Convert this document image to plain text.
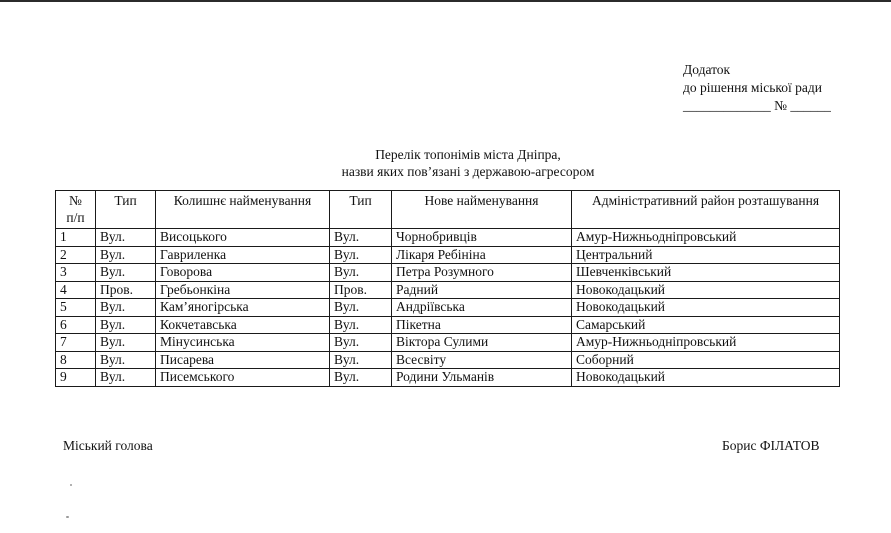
Додаток
до рішення міської ради
_____________ № ______
Перелік топонімів міста Дніпра,
назви яких пов’язані з державою-агресором
№
п/п	Тип	Колишнє найменування	Тип	Нове найменування	Адміністративний район розташування
1	Вул.	Висоцького	Вул.	Чорнобривців	Амур-Нижньодніпровський
2	Вул.	Гавриленка	Вул.	Лікаря Ребініна	Центральний
3	Вул.	Говорова	Вул.	Петра Розумного	Шевченківський
4	Пров.	Гребьонкіна	Пров.	Радний	Новокодацький
5	Вул.	Кам’яногірська	Вул.	Андріївська	Новокодацький
6	Вул.	Кокчетавська	Вул.	Пікетна	Самарський
7	Вул.	Мінусинська	Вул.	Віктора Сулими	Амур-Нижньодніпровський
8	Вул.	Писарева	Вул.	Всесвіту	Соборний
9	Вул.	Писемського	Вул.	Родини Ульманів	Новокодацький
Міський голова	Борис ФІЛАТОВ
